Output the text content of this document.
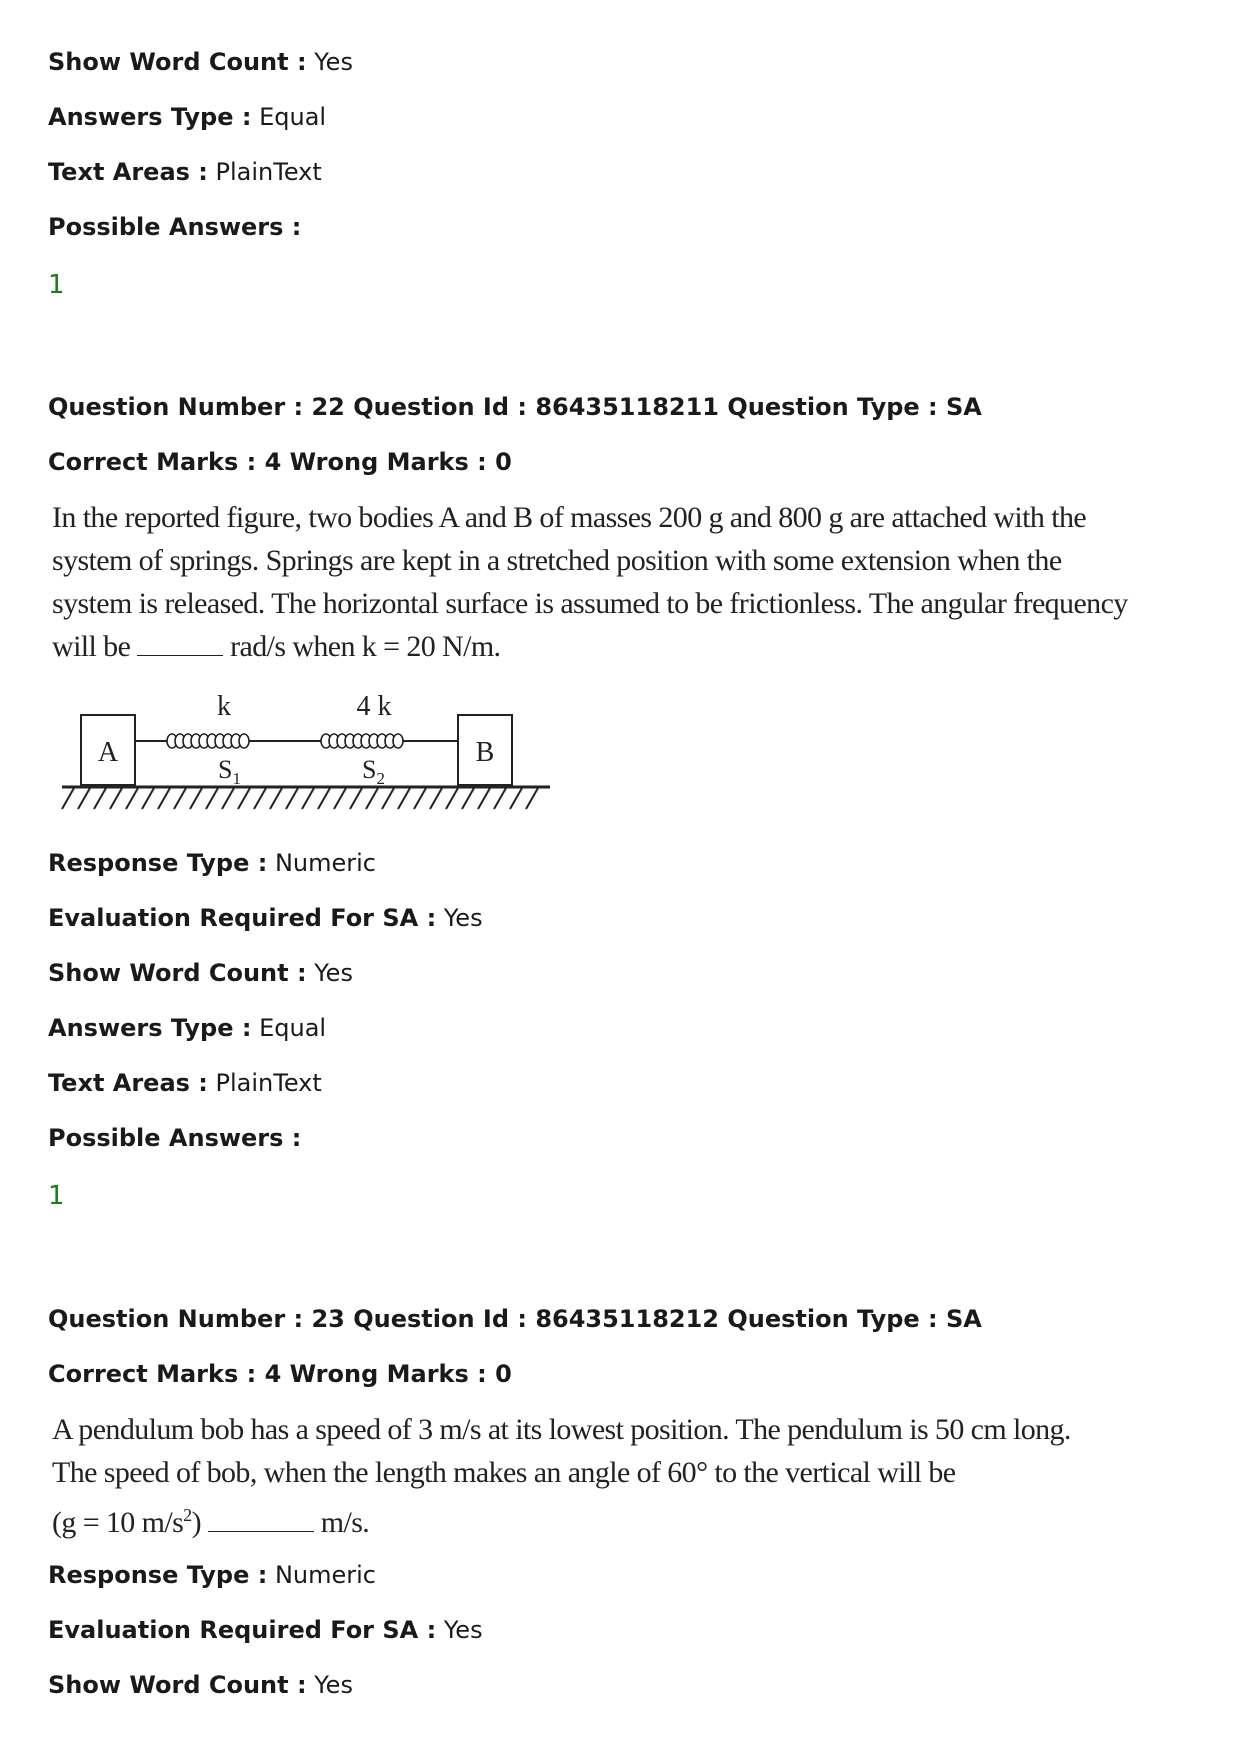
Show Word Count : Yes
Answers Type : Equal
Text Areas : PlainText
Possible Answers :
1
Question Number : 22 Question Id : 86435118211 Question Type : SA
Correct Marks : 4 Wrong Marks : 0

In the reported figure, two bodies A and B of masses 200 g and 800 g are attached with the

system of springs. Springs are kept in a stretched position with some extension when the

system is released. The horizontal surface is assumed to be frictionless. The angular frequency

will be	rad/s when k = 20 N/m.

A	B
k	4 k
$S_1$	$S_2$
Response Type : Numeric
Evaluation Required For SA : Yes
Show Word Count : Yes
Answers Type : Equal
Text Areas : PlainText
Possible Answers :
1
Question Number : 23 Question Id : 86435118212 Question Type : SA
Correct Marks : 4 Wrong Marks : 0

A pendulum bob has a speed of 3 m/s at its lowest position. The pendulum is 50 cm long.

The speed of bob, when the length makes an angle of 60° to the vertical will be

(g = 10 $m/s^2$)	m/s.

Response Type : Numeric
Evaluation Required For SA : Yes
Show Word Count : Yes
